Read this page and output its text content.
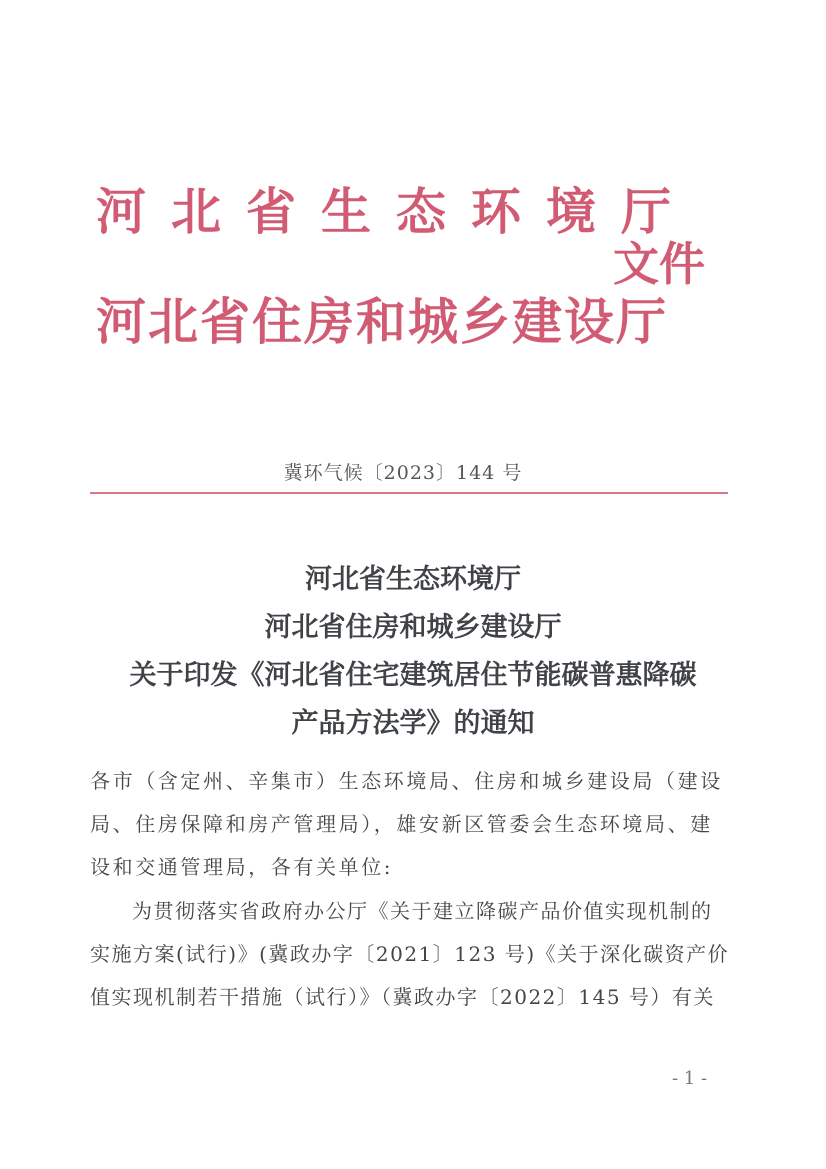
河北省生态环境厅
河北省住房和城乡建设厅
文件
冀环气候〔2023〕144 号
河北省生态环境厅
河北省住房和城乡建设厅
关于印发《河北省住宅建筑居住节能碳普惠降碳
产品方法学》的通知

各市（含定州、辛集市）生态环境局、住房和城乡建设局（建设局、住房保障和房产管理局），雄安新区管委会生态环境局、建设和交通管理局，各有关单位:

为贯彻落实省政府办公厅《关于建立降碳产品价值实现机制的实施方案(试行)》(冀政办字〔2021〕123 号)《关于深化碳资产价值实现机制若干措施（试行）》（冀政办字〔2022〕145 号）有关

- 1 -
